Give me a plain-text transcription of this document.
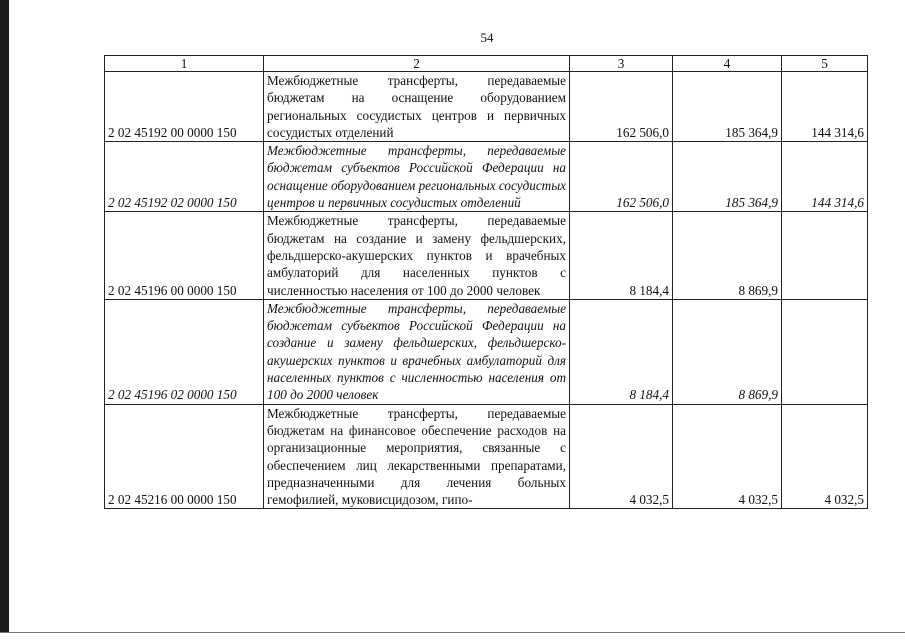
54
1	2	3	4	5
2 02 45192 00 0000 150	Межбюджетные трансферты, передаваемые бюджетам на оснащение оборудованием региональных сосудистых центров и первичных сосудистых отделений	162 506,0	185 364,9	144 314,6
2 02 45192 02 0000 150	Межбюджетные трансферты, передаваемые бюджетам субъектов Российской Федерации на оснащение оборудованием региональных сосудистых центров и первичных сосудистых отделений	162 506,0	185 364,9	144 314,6
2 02 45196 00 0000 150	Межбюджетные трансферты, передаваемые бюджетам на создание и замену фельдшерских, фельдшерско-акушерских пунктов и врачебных амбулаторий для населенных пунктов с численностью населения от 100 до 2000 человек	8 184,4	8 869,9	
2 02 45196 02 0000 150	Межбюджетные трансферты, передаваемые бюджетам субъектов Российской Федерации на создание и замену фельдшерских, фельдшерско-акушерских пунктов и врачебных амбулаторий для населенных пунктов с численностью населения от 100 до 2000 человек	8 184,4	8 869,9	
2 02 45216 00 0000 150	Межбюджетные трансферты, передаваемые бюджетам на финансовое обеспечение расходов на организационные мероприятия, связанные с обеспечением лиц лекарственными препаратами, предназначенными для лечения больных гемофилией, муковисцидозом, гипо-	4 032,5	4 032,5	4 032,5
